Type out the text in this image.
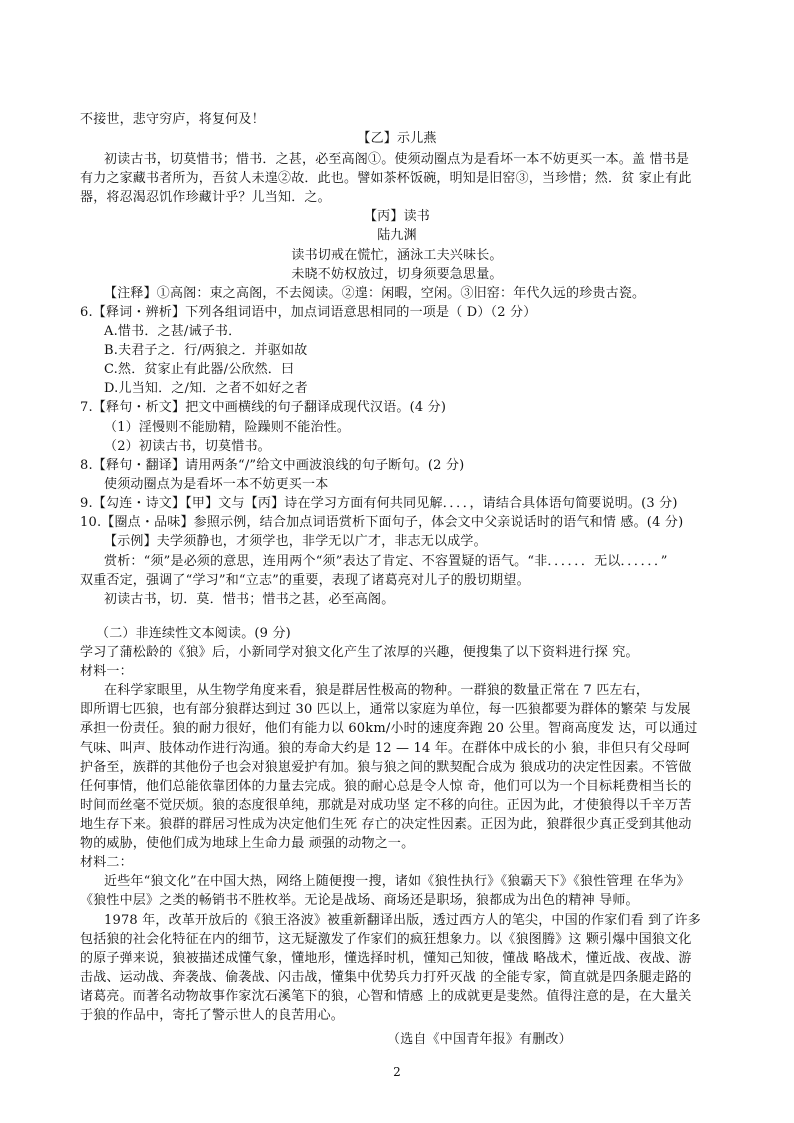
不接世，悲守穷庐，将复何及！
【乙】示儿燕
初读古书，切莫惜书；惜书．之甚，必至高阁①。使须动圈点为是看坏一本不妨更买一本。盖 惜书是
有力之家藏书者所为，吾贫人未遑②故．此也。譬如茶杯饭碗，明知是旧窑③，当珍惜；然．贫 家止有此
器，将忍渴忍饥作珍藏计乎？儿当知．之。
【丙】读书
陆九渊
读书切戒在慌忙，涵泳工夫兴味长。
未晓不妨权放过，切身须要急思量。
【注释】①高阁：束之高阁，不去阅读。②遑：闲暇，空闲。③旧窑：年代久远的珍贵古瓷。
6.【释词・辨析】下列各组词语中，加点词语意思相同的一项是（ D）（2 分）
A.惜书．之甚/诫子书．
B.夫君子之．行/两狼之．并驱如故
C.然．贫家止有此器/公欣然．曰
D.儿当知．之/知．之者不如好之者
7.【释句・析文】把文中画横线的句子翻译成现代汉语。(4 分)
（1）淫慢则不能励精，险躁则不能治性。
（2）初读古书，切莫惜书。
8.【释句・翻译】请用两条“/”给文中画波浪线的句子断句。(2 分)
使须动圈点为是看坏一本不妨更买一本
9.【勾连・诗文】【甲】文与【丙】诗在学习方面有何共同见解．．．．，请结合具体语句简要说明。(3 分)
10.【圈点・品味】参照示例，结合加点词语赏析下面句子，体会文中父亲说话时的语气和情 感。(4 分)
【示例】夫学须静也，才须学也，非学无以广才，非志无以成学。
赏析：“须”是必须的意思，连用两个“须”表达了肯定、不容置疑的语气。“非．．．．．．无以．．．．．．”
双重否定，强调了“学习”和“立志”的重要，表现了诸葛亮对儿子的殷切期望。
初读古书，切．莫．惜书；惜书之甚，必至高阁。
（二）非连续性文本阅读。(9 分)
学习了蒲松龄的《狼》后，小新同学对狼文化产生了浓厚的兴趣，便搜集了以下资料进行探 究。
材料一：
在科学家眼里，从生物学角度来看，狼是群居性极高的物种。一群狼的数量正常在 7 匹左右，
即所谓七匹狼，也有部分狼群达到过 30 匹以上，通常以家庭为单位，每一匹狼都要为群体的繁荣 与发展
承担一份责任。狼的耐力很好，他们有能力以 60km/小时的速度奔跑 20 公里。智商高度发 达，可以通过
气味、叫声、肢体动作进行沟通。狼的寿命大约是 12 — 14 年。在群体中成长的小 狼，非但只有父母呵
护备至，族群的其他份子也会对狼崽爱护有加。狼与狼之间的默契配合成为 狼成功的决定性因素。不管做
任何事情，他们总能依靠团体的力量去完成。狼的耐心总是令人惊 奇，他们可以为一个目标耗费相当长的
时间而丝毫不觉厌烦。狼的态度很单纯，那就是对成功坚 定不移的向往。正因为此，才使狼得以千辛万苦
地生存下来。狼群的群居习性成为决定他们生死 存亡的决定性因素。正因为此，狼群很少真正受到其他动
物的威胁，使他们成为地球上生命力最 顽强的动物之一。
材料二：
近些年“狼文化”在中国大热，网络上随便搜一搜，诸如《狼性执行》《狼霸天下》《狼性管理 在华为》
《狼性中层》之类的畅销书不胜枚举。无论是战场、商场还是职场，狼都成为出色的精神 导师。
1978 年，改革开放后的《狼王洛波》被重新翻译出版，透过西方人的笔尖，中国的作家们看 到了许多
包括狼的社会化特征在内的细节，这无疑激发了作家们的疯狂想象力。以《狼图腾》这 颗引爆中国狼文化
的原子弹来说，狼被描述成懂气象，懂地形，懂选择时机，懂知己知彼，懂战 略战术，懂近战、夜战、游
击战、运动战、奔袭战、偷袭战、闪击战，懂集中优势兵力打歼灭战 的全能专家，简直就是四条腿走路的
诸葛亮。而著名动物故事作家沈石溪笔下的狼，心智和情感 上的成就更是斐然。值得注意的是，在大量关
于狼的作品中，寄托了警示世人的良苦用心。
（选自《中国青年报》有删改）
2
